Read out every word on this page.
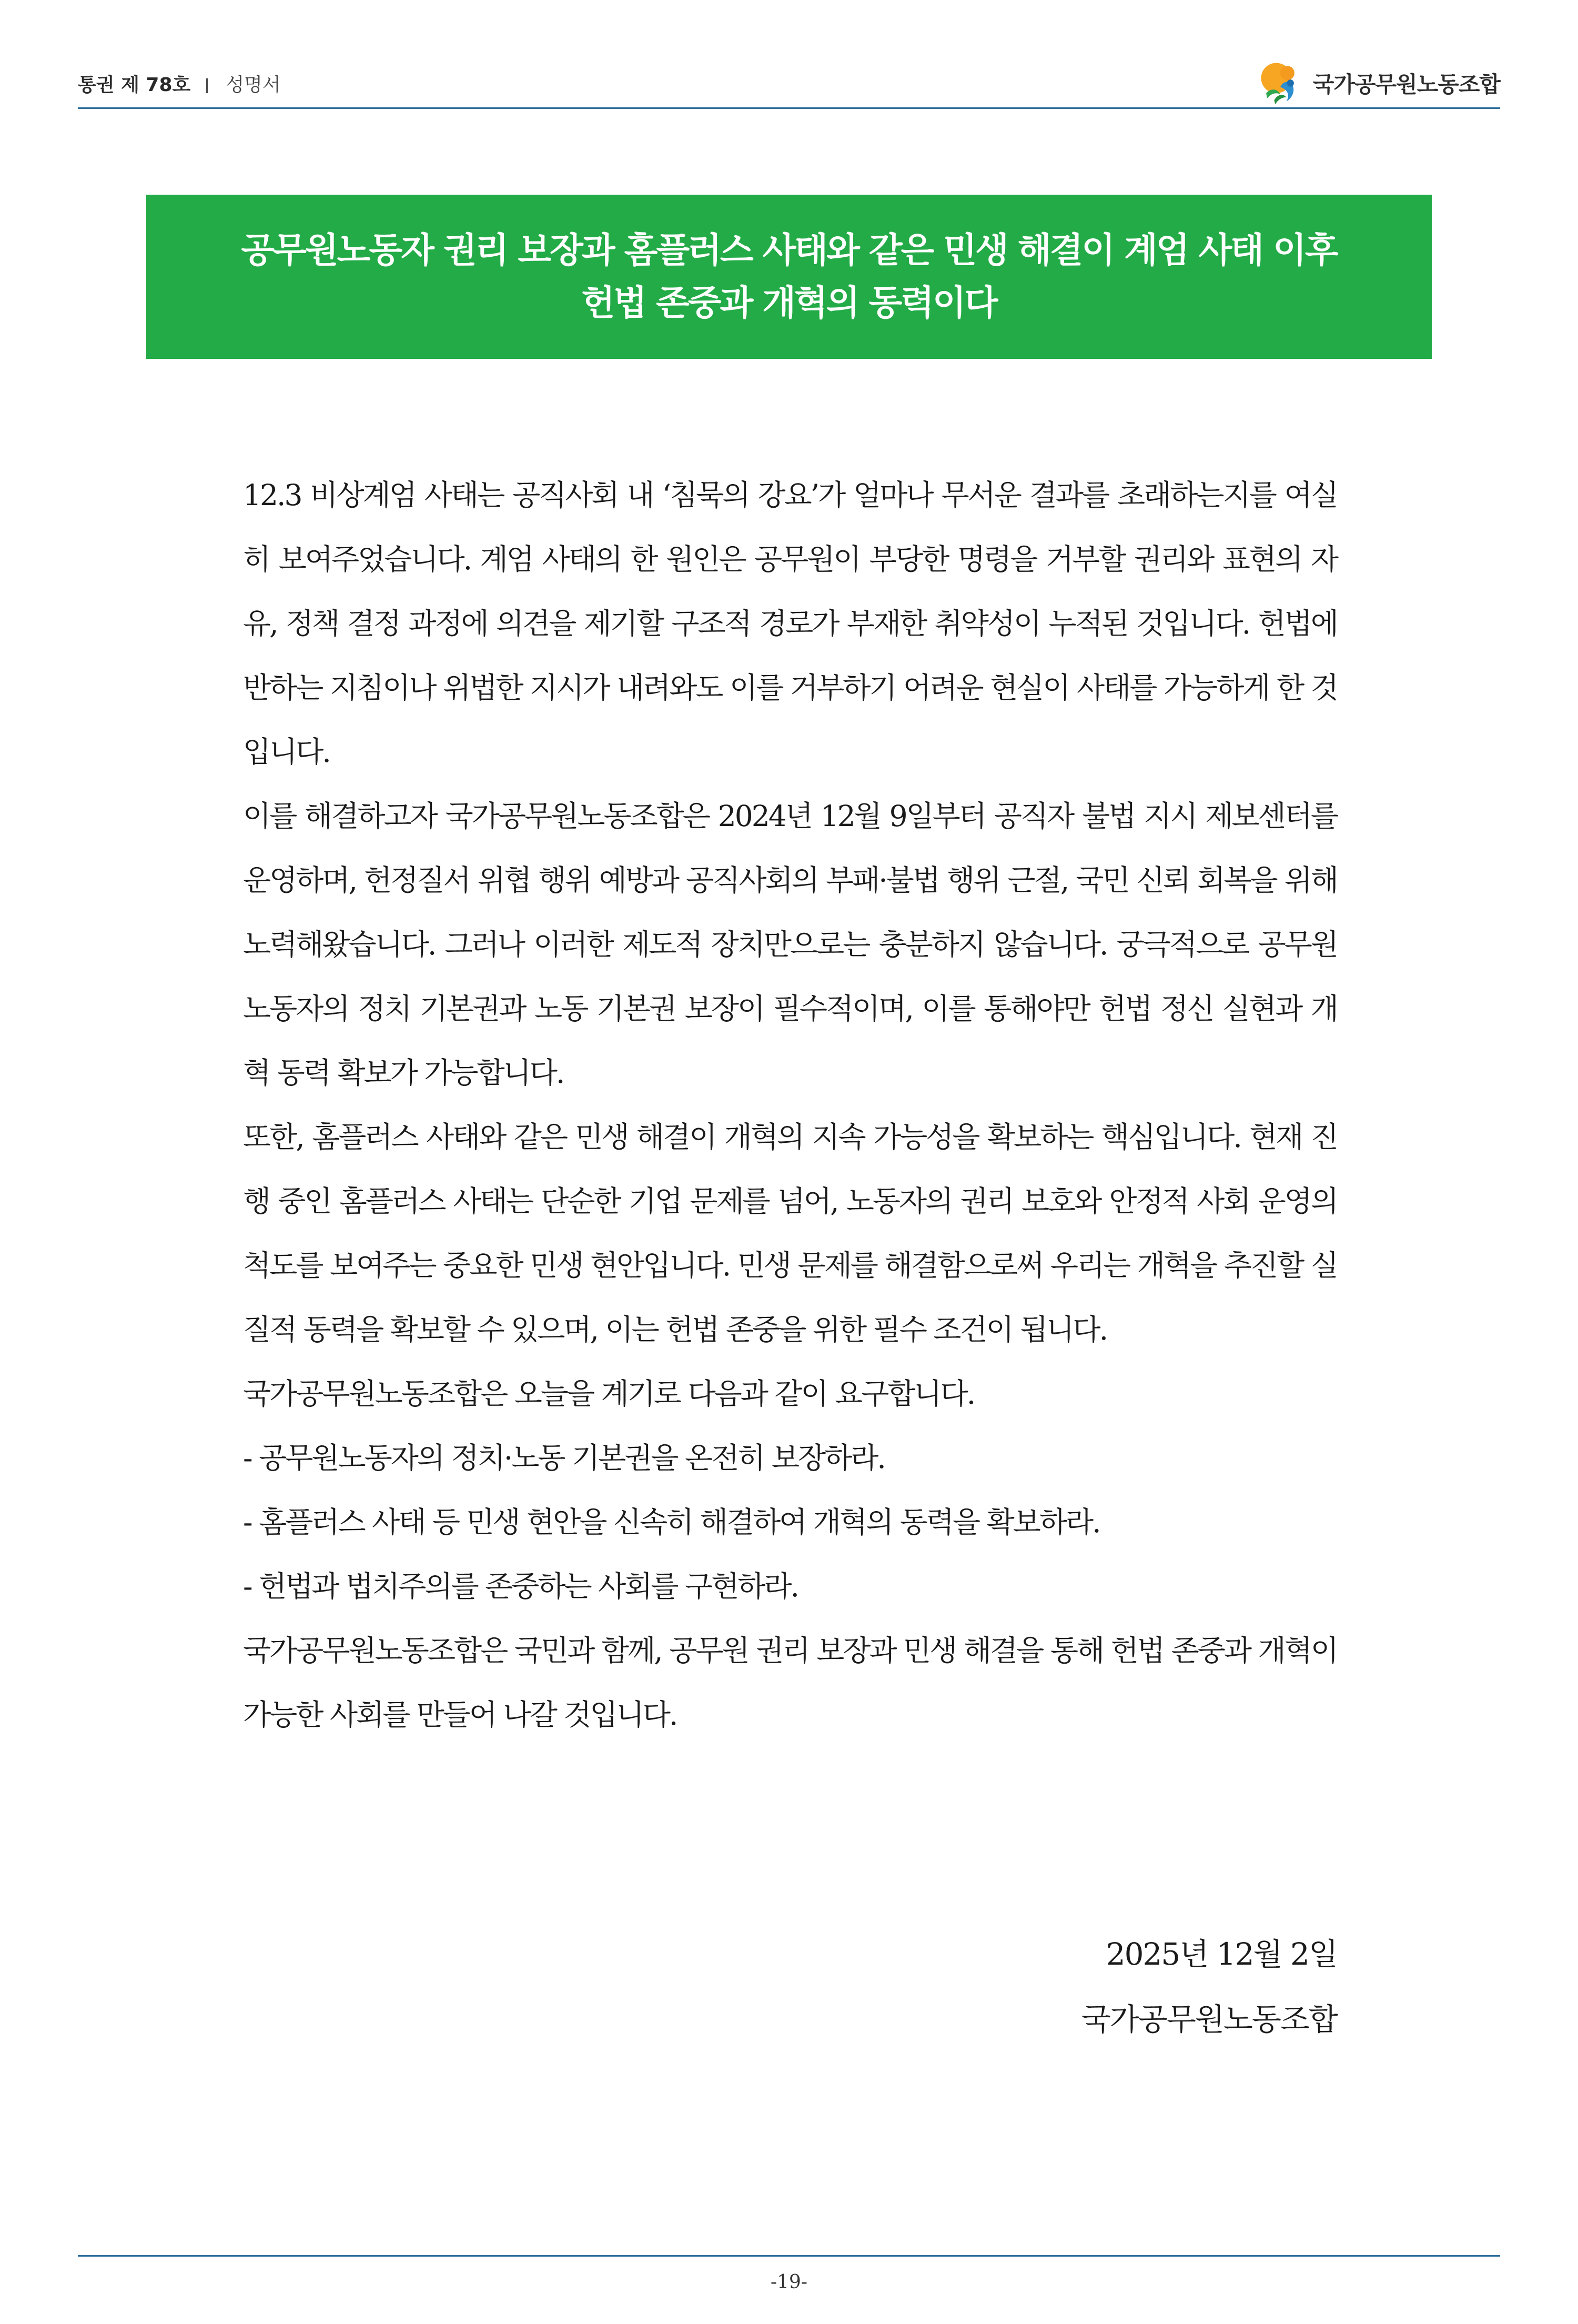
통권 제 78호 성명서	국가공무원노동조합
공무원노동자 권리 보장과 홈플러스 사태와 같은 민생 해결이 계엄 사태 이후
헌법 존중과 개혁의 동력이다

12.3 비상계엄 사태는 공직사회 내 ‘침묵의 강요’가 얼마나 무서운 결과를 초래하는지를 여실히 보여주었습니다. 계엄 사태의 한 원인은 공무원이 부당한 명령을 거부할 권리와 표현의 자유, 정책 결정 과정에 의견을 제기할 구조적 경로가 부재한 취약성이 누적된 것입니다. 헌법에 반하는 지침이나 위법한 지시가 내려와도 이를 거부하기 어려운 현실이 사태를 가능하게 한 것입니다.

이를 해결하고자 국가공무원노동조합은 2024년 12월 9일부터 공직자 불법 지시 제보센터를 운영하며, 헌정질서 위협 행위 예방과 공직사회의 부패·불법 행위 근절, 국민 신뢰 회복을 위해 노력해왔습니다. 그러나 이러한 제도적 장치만으로는 충분하지 않습니다. 궁극적으로 공무원노동자의 정치 기본권과 노동 기본권 보장이 필수적이며, 이를 통해야만 헌법 정신 실현과 개혁 동력 확보가 가능합니다.

또한, 홈플러스 사태와 같은 민생 해결이 개혁의 지속 가능성을 확보하는 핵심입니다. 현재 진행 중인 홈플러스 사태는 단순한 기업 문제를 넘어, 노동자의 권리 보호와 안정적 사회 운영의 척도를 보여주는 중요한 민생 현안입니다. 민생 문제를 해결함으로써 우리는 개혁을 추진할 실질적 동력을 확보할 수 있으며, 이는 헌법 존중을 위한 필수 조건이 됩니다.

국가공무원노동조합은 오늘을 계기로 다음과 같이 요구합니다.

- 공무원노동자의 정치·노동 기본권을 온전히 보장하라.

- 홈플러스 사태 등 민생 현안을 신속히 해결하여 개혁의 동력을 확보하라.

- 헌법과 법치주의를 존중하는 사회를 구현하라.

국가공무원노동조합은 국민과 함께, 공무원 권리 보장과 민생 해결을 통해 헌법 존중과 개혁이 가능한 사회를 만들어 나갈 것입니다.

2025년 12월 2일
국가공무원노동조합
-19-
